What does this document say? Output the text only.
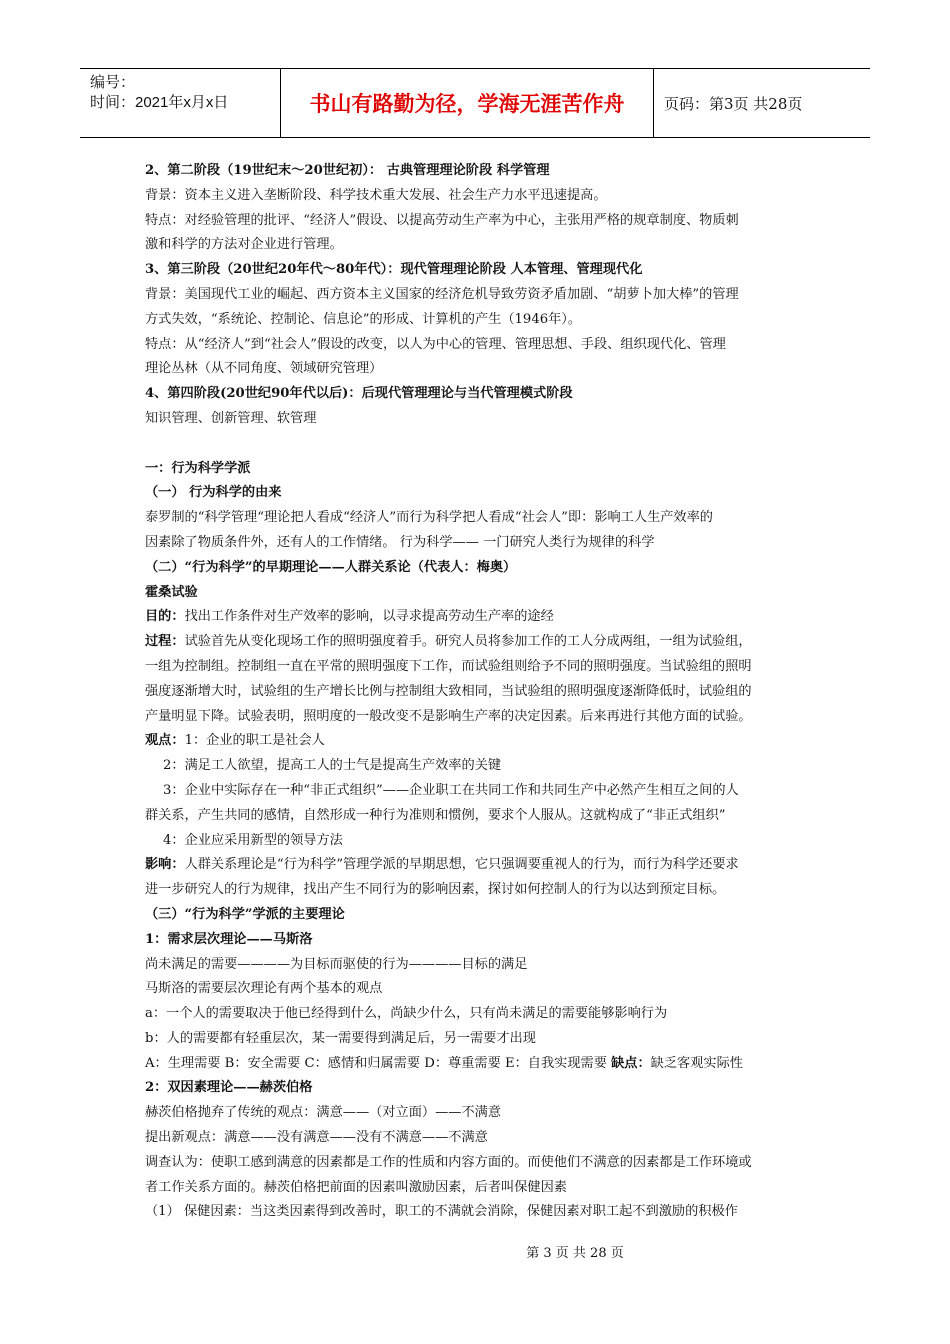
编号：
时间：2021年x月x日	书山有路勤为径，学海无涯苦作舟	页码：第3页 共28页
2、第二阶段（19世纪末～20世纪初）： 古典管理理论阶段 科学管理
背景：资本主义进入垄断阶段、科学技术重大发展、社会生产力水平迅速提高。
特点：对经验管理的批评、“经济人”假设、以提高劳动生产率为中心，主张用严格的规章制度、物质刺
激和科学的方法对企业进行管理。
3、第三阶段（20世纪20年代～80年代）：现代管理理论阶段 人本管理、管理现代化
背景：美国现代工业的崛起、西方资本主义国家的经济危机导致劳资矛盾加剧、“胡萝卜加大棒”的管理
方式失效，“系统论、控制论、信息论”的形成、计算机的产生（1946年）。
特点：从“经济人”到“社会人”假设的改变，以人为中心的管理、管理思想、手段、组织现代化、管理
理论丛林（从不同角度、领域研究管理）
4、第四阶段(20世纪90年代以后)：后现代管理理论与当代管理模式阶段
知识管理、创新管理、软管理
一：行为科学学派
（一） 行为科学的由来
泰罗制的“科学管理“理论把人看成“经济人”而行为科学把人看成“社会人”即：影响工人生产效率的
因素除了物质条件外，还有人的工作情绪。 行为科学—— 一门研究人类行为规律的科学
（二）“行为科学”的早期理论——人群关系论（代表人：梅奥）
霍桑试验
目的：找出工作条件对生产效率的影响，以寻求提高劳动生产率的途经
过程：试验首先从变化现场工作的照明强度着手。研究人员将参加工作的工人分成两组，一组为试验组，
一组为控制组。控制组一直在平常的照明强度下工作，而试验组则给予不同的照明强度。当试验组的照明
强度逐渐增大时，试验组的生产增长比例与控制组大致相同，当试验组的照明强度逐渐降低时，试验组的
产量明显下降。试验表明，照明度的一般改变不是影响生产率的决定因素。后来再进行其他方面的试验。
观点：1：企业的职工是社会人
2：满足工人欲望，提高工人的士气是提高生产效率的关键
3：企业中实际存在一种“非正式组织”——企业职工在共同工作和共同生产中必然产生相互之间的人
群关系，产生共同的感情，自然形成一种行为准则和惯例，要求个人服从。这就构成了“非正式组织”
4：企业应采用新型的领导方法
影响：人群关系理论是“行为科学”管理学派的早期思想，它只强调要重视人的行为，而行为科学还要求
进一步研究人的行为规律，找出产生不同行为的影响因素，探讨如何控制人的行为以达到预定目标。
（三）“行为科学”学派的主要理论
1：需求层次理论——马斯洛
尚未满足的需要————为目标而驱使的行为————目标的满足
马斯洛的需要层次理论有两个基本的观点
a：一个人的需要取决于他已经得到什么，尚缺少什么，只有尚未满足的需要能够影响行为
b：人的需要都有轻重层次，某一需要得到满足后，另一需要才出现
A：生理需要 B：安全需要 C：感情和归属需要 D：尊重需要 E：自我实现需要 缺点：缺乏客观实际性
2：双因素理论——赫茨伯格
赫茨伯格抛弃了传统的观点：满意——（对立面）——不满意
提出新观点：满意——没有满意——没有不满意——不满意
调查认为：使职工感到满意的因素都是工作的性质和内容方面的。而使他们不满意的因素都是工作环境或
者工作关系方面的。赫茨伯格把前面的因素叫激励因素，后者叫保健因素
（1） 保健因素：当这类因素得到改善时，职工的不满就会消除，保健因素对职工起不到激励的积极作
第 3 页 共 28 页
